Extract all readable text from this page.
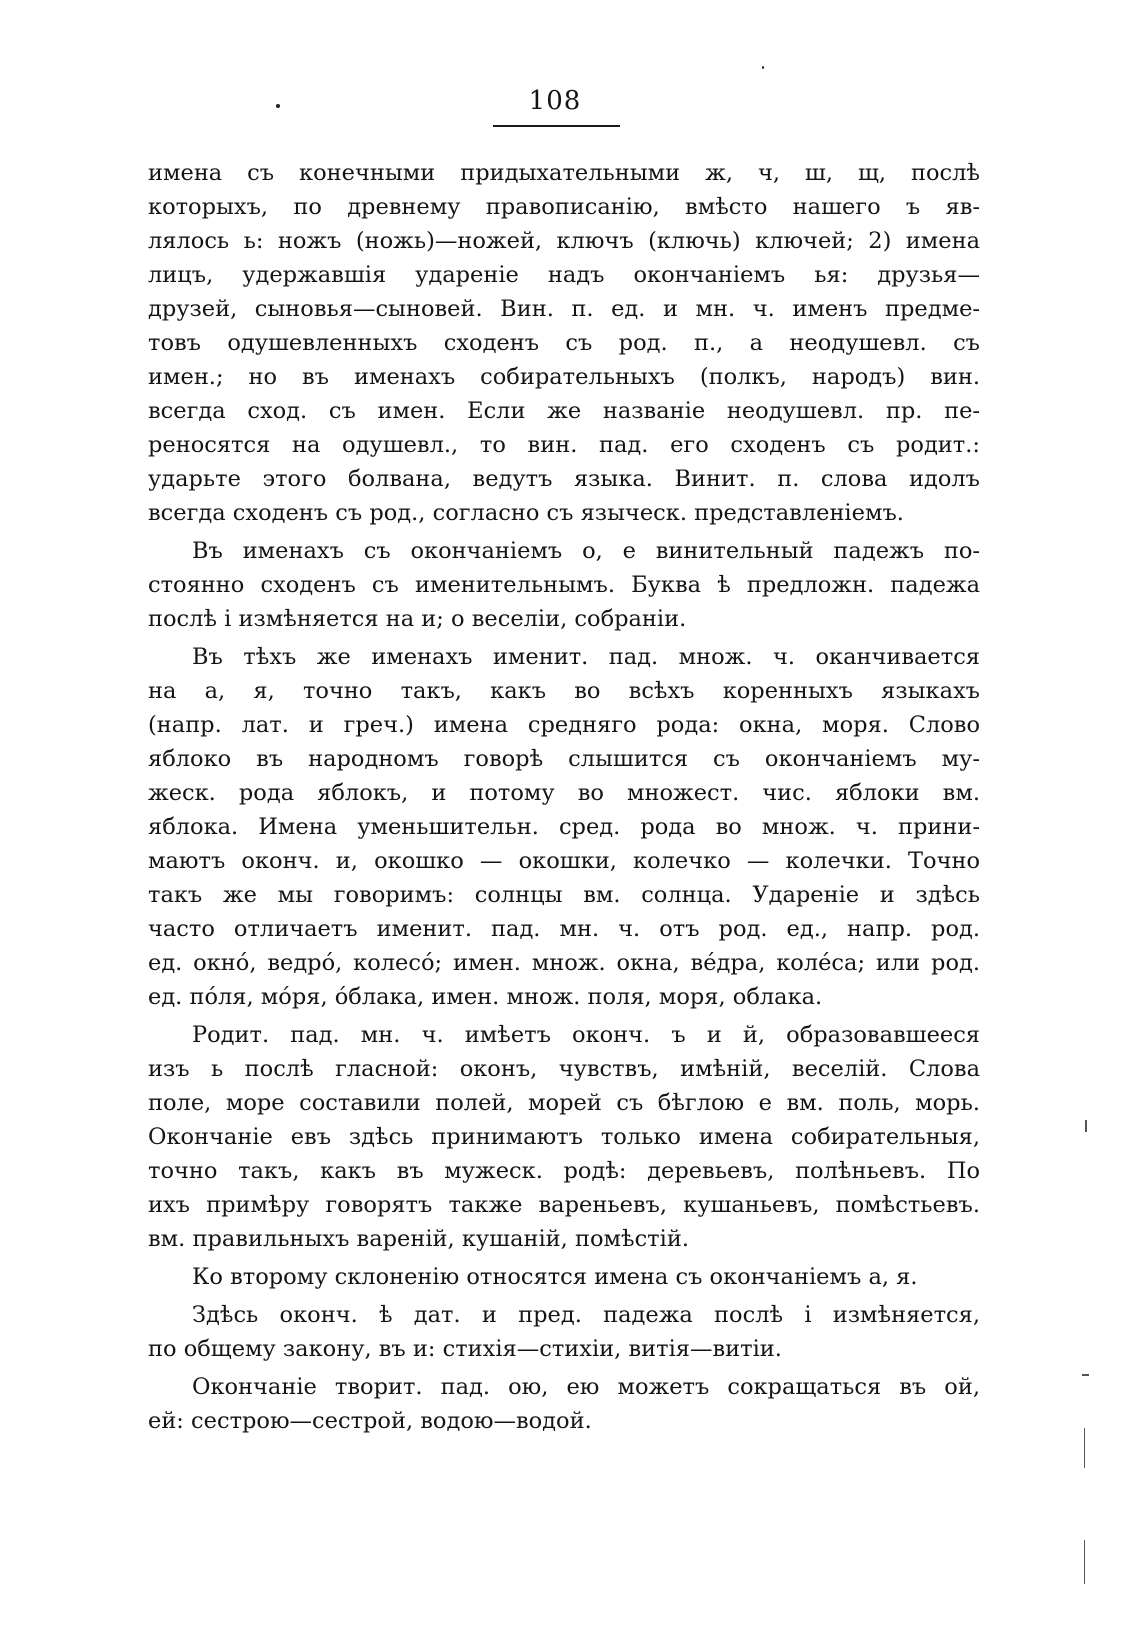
108
имена съ конечными придыхательными ж, ч, ш, щ, послѣ
которыхъ, по древнему правописанію, вмѣсто нашего ъ яв-
лялось ь: ножъ (ножь)—ножей, ключъ (ключь) ключей; 2) имена
лицъ, удержавшія ударенiе надъ окончанiемъ ья: друзья—
друзей, сыновья—сыновей. Вин. п. ед. и мн. ч. именъ предме-
товъ одушевленныхъ сходенъ съ род. п., а неодушевл. съ
имен.; но въ именахъ собирательныхъ (полкъ, народъ) вин.
всегда сход. съ имен. Если же названiе неодушевл. пр. пе-
реносятся на одушевл., то вин. пад. его сходенъ съ родит.:
ударьте этого болвана, ведутъ языка. Винит. п. слова идолъ
всегда сходенъ съ род., согласно съ языческ. представленiемъ.
Въ именахъ съ окончанiемъ о, е винительный падежъ по-
стоянно сходенъ съ именительнымъ. Буква ѣ предложн. падежа
послѣ і измѣняется на и; о веселіи, собраніи.
Въ тѣхъ же именахъ именит. пад. множ. ч. оканчивается
на а, я, точно такъ, какъ во всѣхъ коренныхъ языкахъ
(напр. лат. и греч.) имена средняго рода: окна, моря. Слово
яблоко въ народномъ говорѣ слышится съ окончанiемъ му-
жеск. рода яблокъ, и потому во множест. чис. яблоки вм.
яблока. Имена уменьшительн. сред. рода во множ. ч. прини-
маютъ оконч. и, окошко — окошки, колечко — колечки. Точно
такъ же мы говоримъ: солнцы вм. солнца. Ударенiе и здѣсь
часто отличаетъ именит. пад. мн. ч. отъ род. ед., напр. род.
ед. окнó, ведрó, колесó; имен. множ. окна, вéдра, колéса; или род.
ед. пóля, мóря, óблака, имен. множ. поля, моря, облака.
Родит. пад. мн. ч. имѣетъ оконч. ъ и й, образовавшееся
изъ ь послѣ гласной: оконъ, чувствъ, имѣній, веселій. Слова
поле, море составили полей, морей съ бѣглою е вм. поль, морь.
Окончанiе евъ здѣсь принимаютъ только имена собирательныя,
точно такъ, какъ въ мужеск. родѣ: деревьевъ, полѣньевъ. По
ихъ примѣру говорятъ также вареньевъ, кушаньевъ, помѣстьевъ.
вм. правильныхъ вареній, кушаній, помѣстій.
Ко второму склоненiю относятся имена съ окончанiемъ а, я.
Здѣсь оконч. ѣ дат. и пред. падежа послѣ і измѣняется,
по общему закону, въ и: стихія—стихіи, витія—витіи.
Окончанiе творит. пад. ою, ею можетъ сокращаться въ ой,
ей: сестрою—сестрой, водою—водой.
